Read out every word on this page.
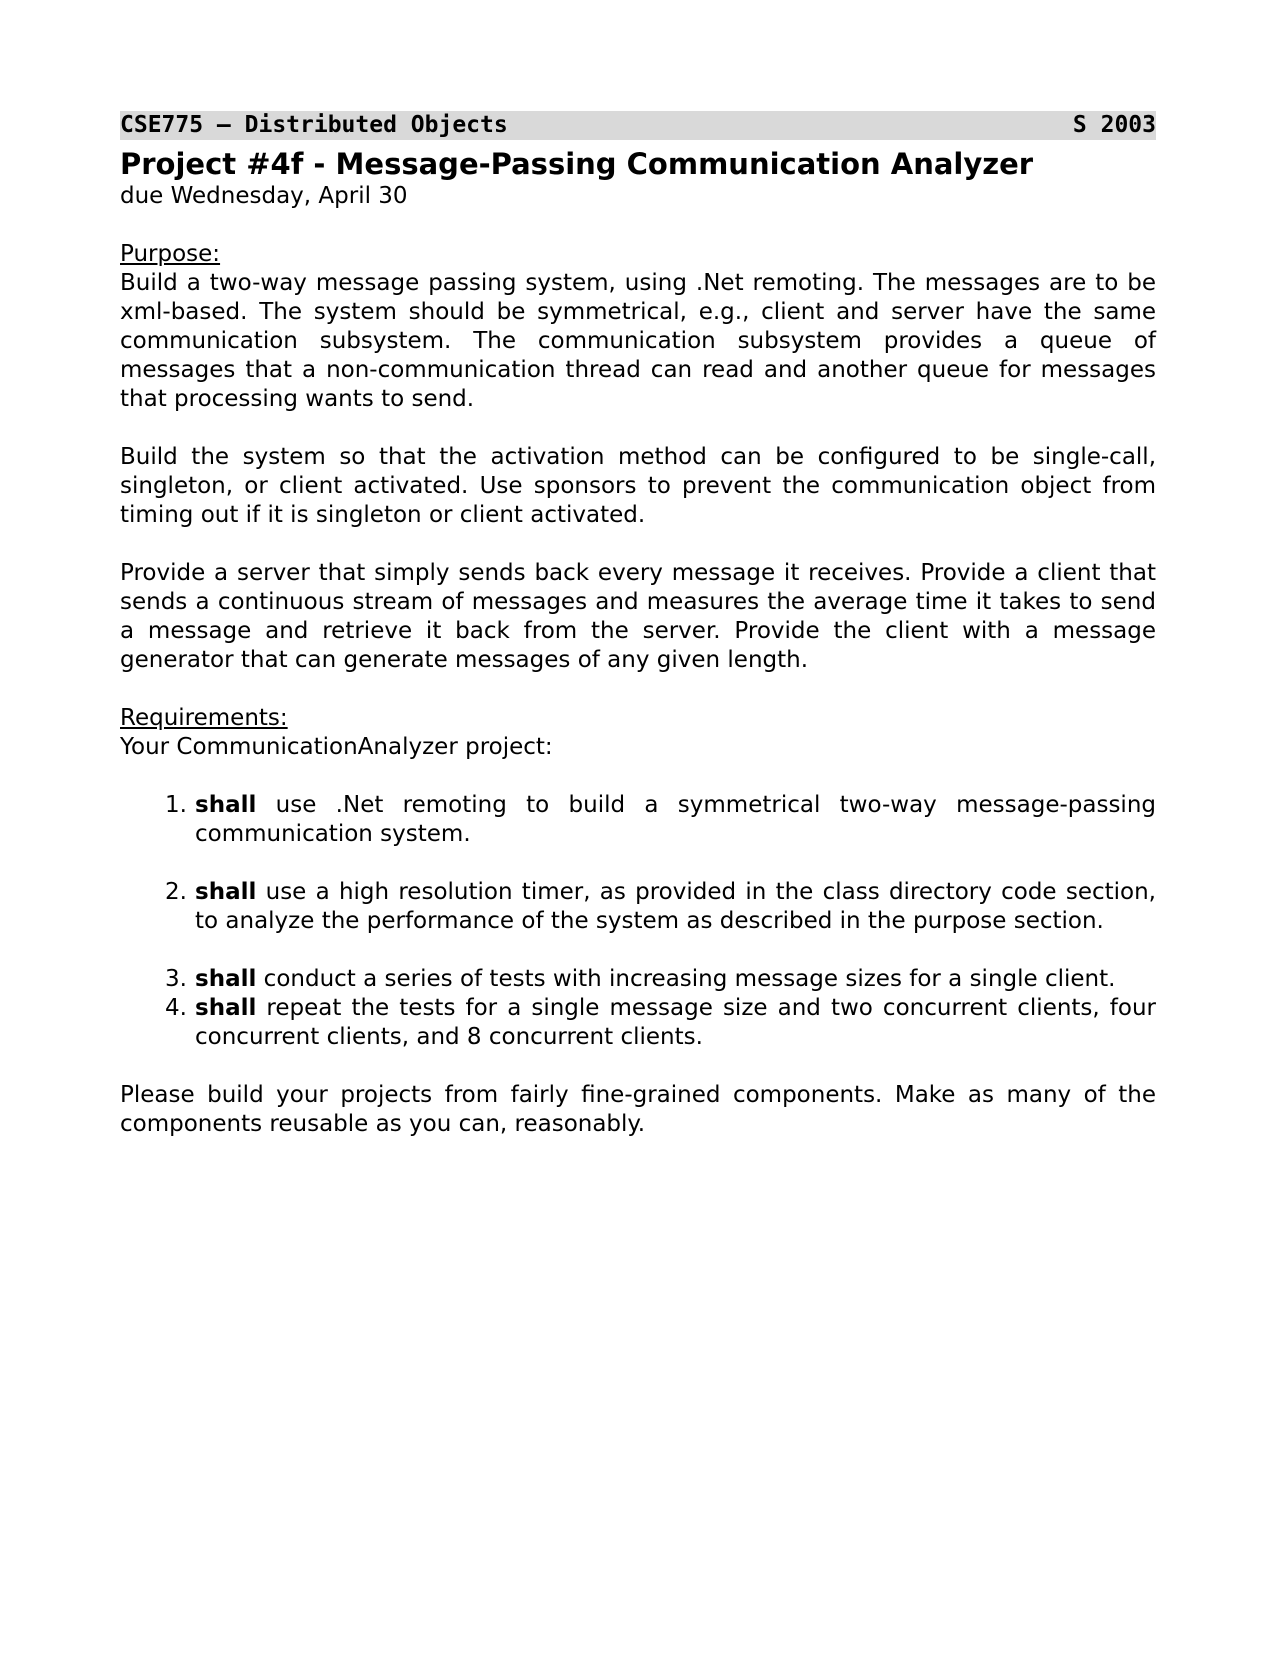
CSE775 – Distributed Objects	S 2003
Project #4f - Message-Passing Communication Analyzer
due Wednesday, April 30
Purpose:
Build a two-way message passing system, using .Net remoting. The messages are to be xml-based. The system should be symmetrical, e.g., client and server have the same communication subsystem. The communication subsystem provides a queue of messages that a non-communication thread can read and another queue for messages that processing wants to send.
Build the system so that the activation method can be configured to be single-call, singleton, or client activated. Use sponsors to prevent the communication object from timing out if it is singleton or client activated.
Provide a server that simply sends back every message it receives. Provide a client that sends a continuous stream of messages and measures the average time it takes to send a message and retrieve it back from the server. Provide the client with a message generator that can generate messages of any given length.
Requirements:
Your CommunicationAnalyzer project:
1. shall use .Net remoting to build a symmetrical two-way message-passing communication system.
2. shall use a high resolution timer, as provided in the class directory code section, to analyze the performance of the system as described in the purpose section.
3. shall conduct a series of tests with increasing message sizes for a single client.
4. shall repeat the tests for a single message size and two concurrent clients, four concurrent clients, and 8 concurrent clients.
Please build your projects from fairly fine-grained components. Make as many of the components reusable as you can, reasonably.
